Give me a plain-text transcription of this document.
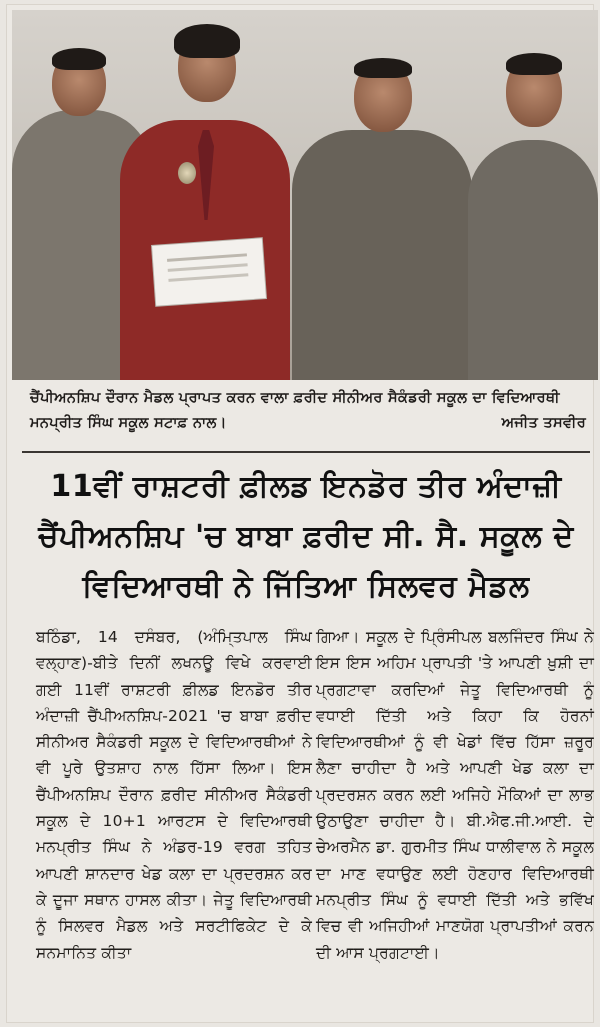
ਚੈਂਪੀਅਨਸ਼ਿਪ ਦੌਰਾਨ ਮੈਡਲ ਪ੍ਰਾਪਤ ਕਰਨ ਵਾਲਾ ਫ਼ਰੀਦ ਸੀਨੀਅਰ ਸੈਕੰਡਰੀ ਸਕੂਲ ਦਾ ਵਿਦਿਆਰਥੀ ਮਨਪ੍ਰੀਤ ਸਿੰਘ ਸਕੂਲ ਸਟਾਫ਼ ਨਾਲ।	ਅਜੀਤ ਤਸਵੀਰ
11ਵੀਂ ਰਾਸ਼ਟਰੀ ਫ਼ੀਲਡ ਇਨਡੋਰ ਤੀਰ ਅੰਦਾਜ਼ੀ ਚੈਂਪੀਅਨਸ਼ਿਪ 'ਚ ਬਾਬਾ ਫ਼ਰੀਦ ਸੀ. ਸੈ. ਸਕੂਲ ਦੇ ਵਿਦਿਆਰਥੀ ਨੇ ਜਿੱਤਿਆ ਸਿਲਵਰ ਮੈਡਲ

ਬਠਿੰਡਾ, 14 ਦਸੰਬਰ, (ਅੰਮਿ੍ਤਪਾਲ ਸਿੰਘ ਵਲ੍ਹਾਣ)-ਬੀਤੇ ਦਿਨੀਂ ਲਖਨਊ ਵਿਖੇ ਕਰਵਾਈ ਗਈ 11ਵੀਂ ਰਾਸ਼ਟਰੀ ਫ਼ੀਲਡ ਇਨਡੋਰ ਤੀਰ ਅੰਦਾਜ਼ੀ ਚੈਂਪੀਅਨਸ਼ਿਪ-2021 'ਚ ਬਾਬਾ ਫ਼ਰੀਦ ਸੀਨੀਅਰ ਸੈਕੰਡਰੀ ਸਕੂਲ ਦੇ ਵਿਦਿਆਰਥੀਆਂ ਨੇ ਵੀ ਪੂਰੇ ਉਤਸ਼ਾਹ ਨਾਲ ਹਿੱਸਾ ਲਿਆ। ਇਸ ਚੈਂਪੀਅਨਸ਼ਿਪ ਦੌਰਾਨ ਫ਼ਰੀਦ ਸੀਨੀਅਰ ਸੈਕੰਡਰੀ ਸਕੂਲ ਦੇ 10+1 ਆਰਟਸ ਦੇ ਵਿਦਿਆਰਥੀ ਮਨਪ੍ਰੀਤ ਸਿੰਘ ਨੇ ਅੰਡਰ-19 ਵਰਗ ਤਹਿਤ ਆਪਣੀ ਸ਼ਾਨਦਾਰ ਖੇਡ ਕਲਾ ਦਾ ਪ੍ਰਦਰਸ਼ਨ ਕਰ ਕੇ ਦੂਜਾ ਸਥਾਨ ਹਾਸਲ ਕੀਤਾ। ਜੇਤੂ ਵਿਦਿਆਰਥੀ ਨੂੰ ਸਿਲਵਰ ਮੈਡਲ ਅਤੇ ਸਰਟੀਫਿਕੇਟ ਦੇ ਕੇ ਸਨਮਾਨਿਤ ਕੀਤਾ

ਗਿਆ। ਸਕੂਲ ਦੇ ਪ੍ਰਿੰਸੀਪਲ ਬਲਜਿੰਦਰ ਸਿੰਘ ਨੇ ਇਸ ਇਸ ਅਹਿਮ ਪ੍ਰਾਪਤੀ 'ਤੇ ਆਪਣੀ ਖ਼ੁਸ਼ੀ ਦਾ ਪ੍ਰਗਟਾਵਾ ਕਰਦਿਆਂ ਜੇਤੂ ਵਿਦਿਆਰਥੀ ਨੂੰ ਵਧਾਈ ਦਿੱਤੀ ਅਤੇ ਕਿਹਾ ਕਿ ਹੋਰਨਾਂ ਵਿਦਿਆਰਥੀਆਂ ਨੂੰ ਵੀ ਖੇਡਾਂ ਵਿੱਚ ਹਿੱਸਾ ਜ਼ਰੂਰ ਲੈਣਾ ਚਾਹੀਦਾ ਹੈ ਅਤੇ ਆਪਣੀ ਖੇਡ ਕਲਾ ਦਾ ਪ੍ਰਦਰਸ਼ਨ ਕਰਨ ਲਈ ਅਜਿਹੇ ਮੌਕਿਆਂ ਦਾ ਲਾਭ ਉਠਾਉਣਾ ਚਾਹੀਦਾ ਹੈ। ਬੀ.ਐਫ.ਜੀ.ਆਈ. ਦੇ ਚੇਅਰਮੈਨ ਡਾ. ਗੁਰਮੀਤ ਸਿੰਘ ਧਾਲੀਵਾਲ ਨੇ ਸਕੂਲ ਦਾ ਮਾਣ ਵਧਾਉਣ ਲਈ ਹੋਣਹਾਰ ਵਿਦਿਆਰਥੀ ਮਨਪ੍ਰੀਤ ਸਿੰਘ ਨੂੰ ਵਧਾਈ ਦਿੱਤੀ ਅਤੇ ਭਵਿੱਖ ਵਿਚ ਵੀ ਅਜਿਹੀਆਂ ਮਾਣਯੋਗ ਪ੍ਰਾਪਤੀਆਂ ਕਰਨ ਦੀ ਆਸ ਪ੍ਰਗਟਾਈ।
